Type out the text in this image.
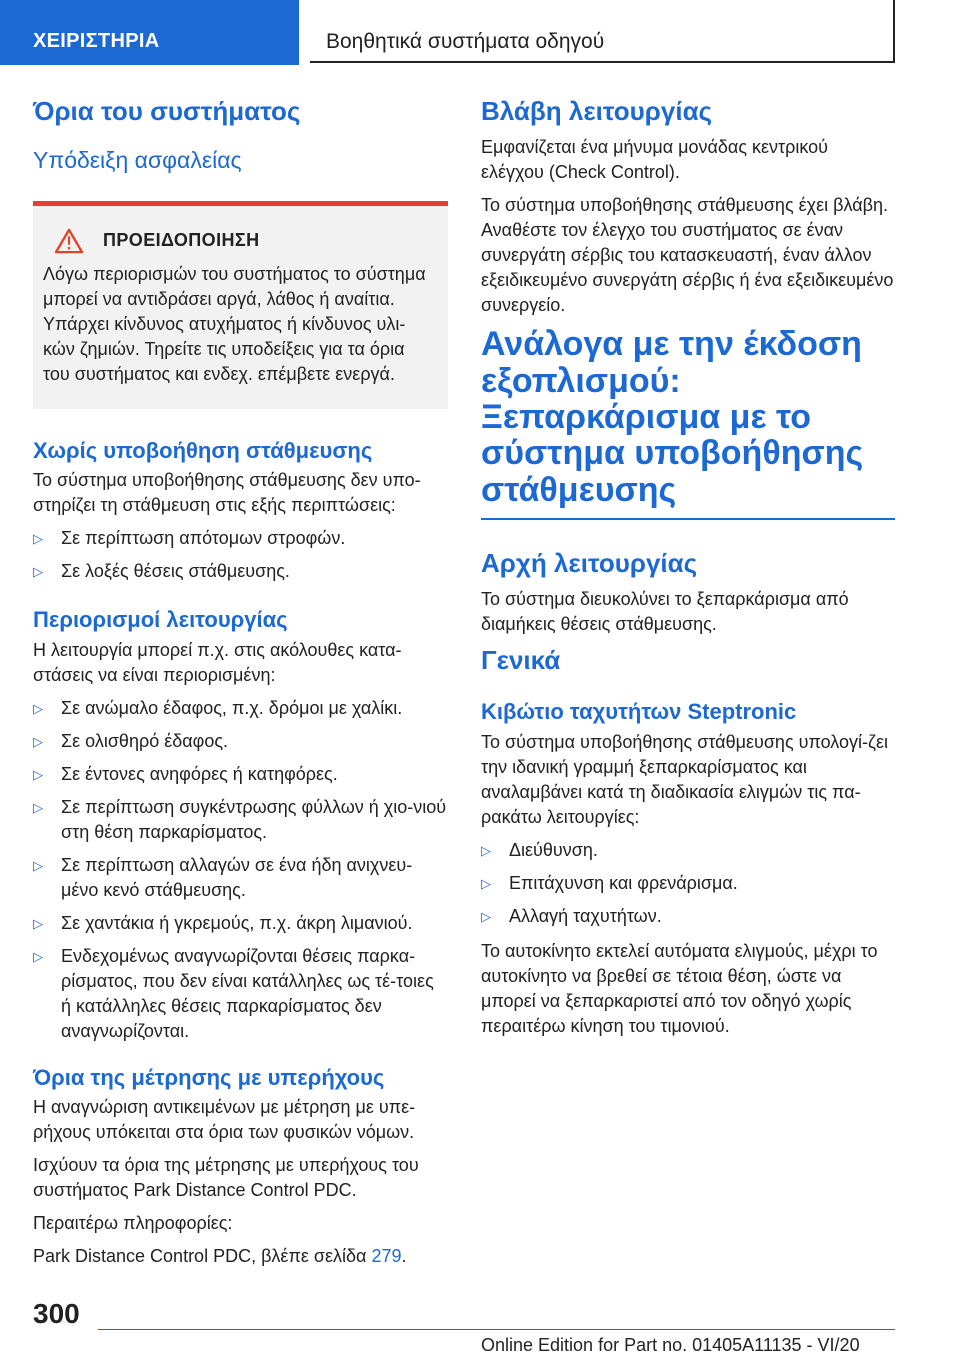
ΧΕΙΡΙΣΤΗΡΙΑ	Βοηθητικά συστήματα οδηγού
Όρια του συστήματος
Υπόδειξη ασφαλείας
ΠΡΟΕΙΔΟΠΟΙΗΣΗ

Λόγω περιορισμών του συστήματος το σύστημα μπορεί να αντιδράσει αργά, λάθος ή αναίτια. Υπάρχει κίνδυνος ατυχήματος ή κίνδυνος υλι-κών ζημιών. Τηρείτε τις υποδείξεις για τα όρια του συστήματος και ενδεχ. επέμβετε ενεργά.

Χωρίς υποβοήθηση στάθμευσης

Το σύστημα υποβοήθησης στάθμευσης δεν υπο-στηρίζει τη στάθμευση στις εξής περιπτώσεις:

▷ Σε περίπτωση απότομων στροφών.
▷ Σε λοξές θέσεις στάθμευσης.
Περιορισμοί λειτουργίας

Η λειτουργία μπορεί π.χ. στις ακόλουθες κατα-στάσεις να είναι περιορισμένη:

▷ Σε ανώμαλο έδαφος, π.χ. δρόμοι με χαλίκι.
▷ Σε ολισθηρό έδαφος.
▷ Σε έντονες ανηφόρες ή κατηφόρες.
▷ Σε περίπτωση συγκέντρωσης φύλλων ή χιο-νιού στη θέση παρκαρίσματος.
▷ Σε περίπτωση αλλαγών σε ένα ήδη ανιχνευ-μένο κενό στάθμευσης.
▷ Σε χαντάκια ή γκρεμούς, π.χ. άκρη λιμανιού.
▷ Ενδεχομένως αναγνωρίζονται θέσεις παρκα-ρίσματος, που δεν είναι κατάλληλες ως τέ-τοιες ή κατάλληλες θέσεις παρκαρίσματος δεν αναγνωρίζονται.
Όρια της μέτρησης με υπερήχους

Η αναγνώριση αντικειμένων με μέτρηση με υπε-ρήχους υπόκειται στα όρια των φυσικών νόμων.

Ισχύουν τα όρια της μέτρησης με υπερήχους του συστήματος Park Distance Control PDC.

Περαιτέρω πληροφορίες:

Park Distance Control PDC, βλέπε σελίδα 279.

Βλάβη λειτουργίας

Εμφανίζεται ένα μήνυμα μονάδας κεντρικού ελέγχου (Check Control).

Το σύστημα υποβοήθησης στάθμευσης έχει βλάβη. Αναθέστε τον έλεγχο του συστήματος σε έναν συνεργάτη σέρβις του κατασκευαστή, έναν άλλον εξειδικευμένο συνεργάτη σέρβις ή ένα εξειδικευμένο συνεργείο.

Ανάλογα με την έκδοση εξοπλισμού: Ξεπαρκάρισμα με το σύστημα υποβοήθησης στάθμευσης
Αρχή λειτουργίας

Το σύστημα διευκολύνει το ξεπαρκάρισμα από διαμήκεις θέσεις στάθμευσης.

Γενικά
Κιβώτιο ταχυτήτων Steptronic

Το σύστημα υποβοήθησης στάθμευσης υπολογί-ζει την ιδανική γραμμή ξεπαρκαρίσματος και αναλαμβάνει κατά τη διαδικασία ελιγμών τις πα-ρακάτω λειτουργίες:

▷ Διεύθυνση.
▷ Επιτάχυνση και φρενάρισμα.
▷ Αλλαγή ταχυτήτων.

Το αυτοκίνητο εκτελεί αυτόματα ελιγμούς, μέχρι το αυτοκίνητο να βρεθεί σε τέτοια θέση, ώστε να μπορεί να ξεπαρκαριστεί από τον οδηγό χωρίς περαιτέρω κίνηση του τιμονιού.

300
Online Edition for Part no. 01405A11135 - VI/20
